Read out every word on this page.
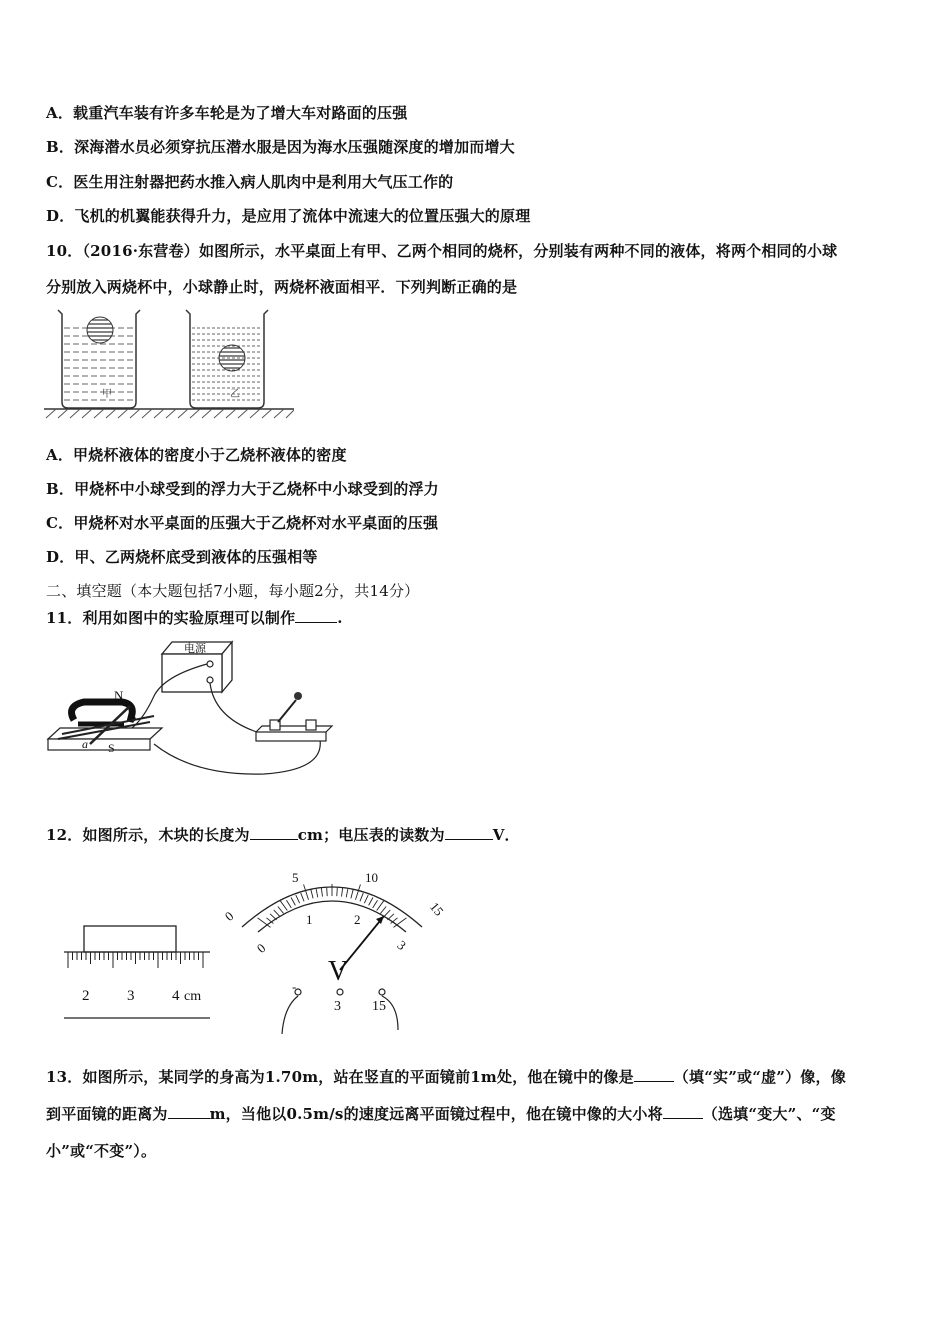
A．载重汽车装有许多车轮是为了增大车对路面的压强
B．深海潜水员必须穿抗压潜水服是因为海水压强随深度的增加而增大
C．医生用注射器把药水推入病人肌肉中是利用大气压工作的
D．飞机的机翼能获得升力，是应用了流体中流速大的位置压强大的原理
10．（2016·东营卷）如图所示，水平桌面上有甲、乙两个相同的烧杯，分别装有两种不同的液体，将两个相同的小球
分别放入两烧杯中，小球静止时，两烧杯液面相平．下列判断正确的是
甲	乙
A．甲烧杯液体的密度小于乙烧杯液体的密度
B．甲烧杯中小球受到的浮力大于乙烧杯中小球受到的浮力
C．甲烧杯对水平桌面的压强大于乙烧杯对水平桌面的压强
D．甲、乙两烧杯底受到液体的压强相等
二、填空题（本大题包括7小题，每小题2分，共14分）
11．利用如图中的实验原理可以制作	.
电源
N
b
a S
12．如图所示，木块的长度为	cm；电压表的读数为	V．
2	3	4 cm
0
5	10
15
0
1	2
3
V
-
3 15
13．如图所示，某同学的身高为1.70m，站在竖直的平面镜前1m处，他在镜中的像是	（填“实”或“虚”）像，像
到平面镜的距离为	m，当他以0.5m/s的速度远离平面镜过程中，他在镜中像的大小将	（选填“变大”、“变
小”或“不变”）。
